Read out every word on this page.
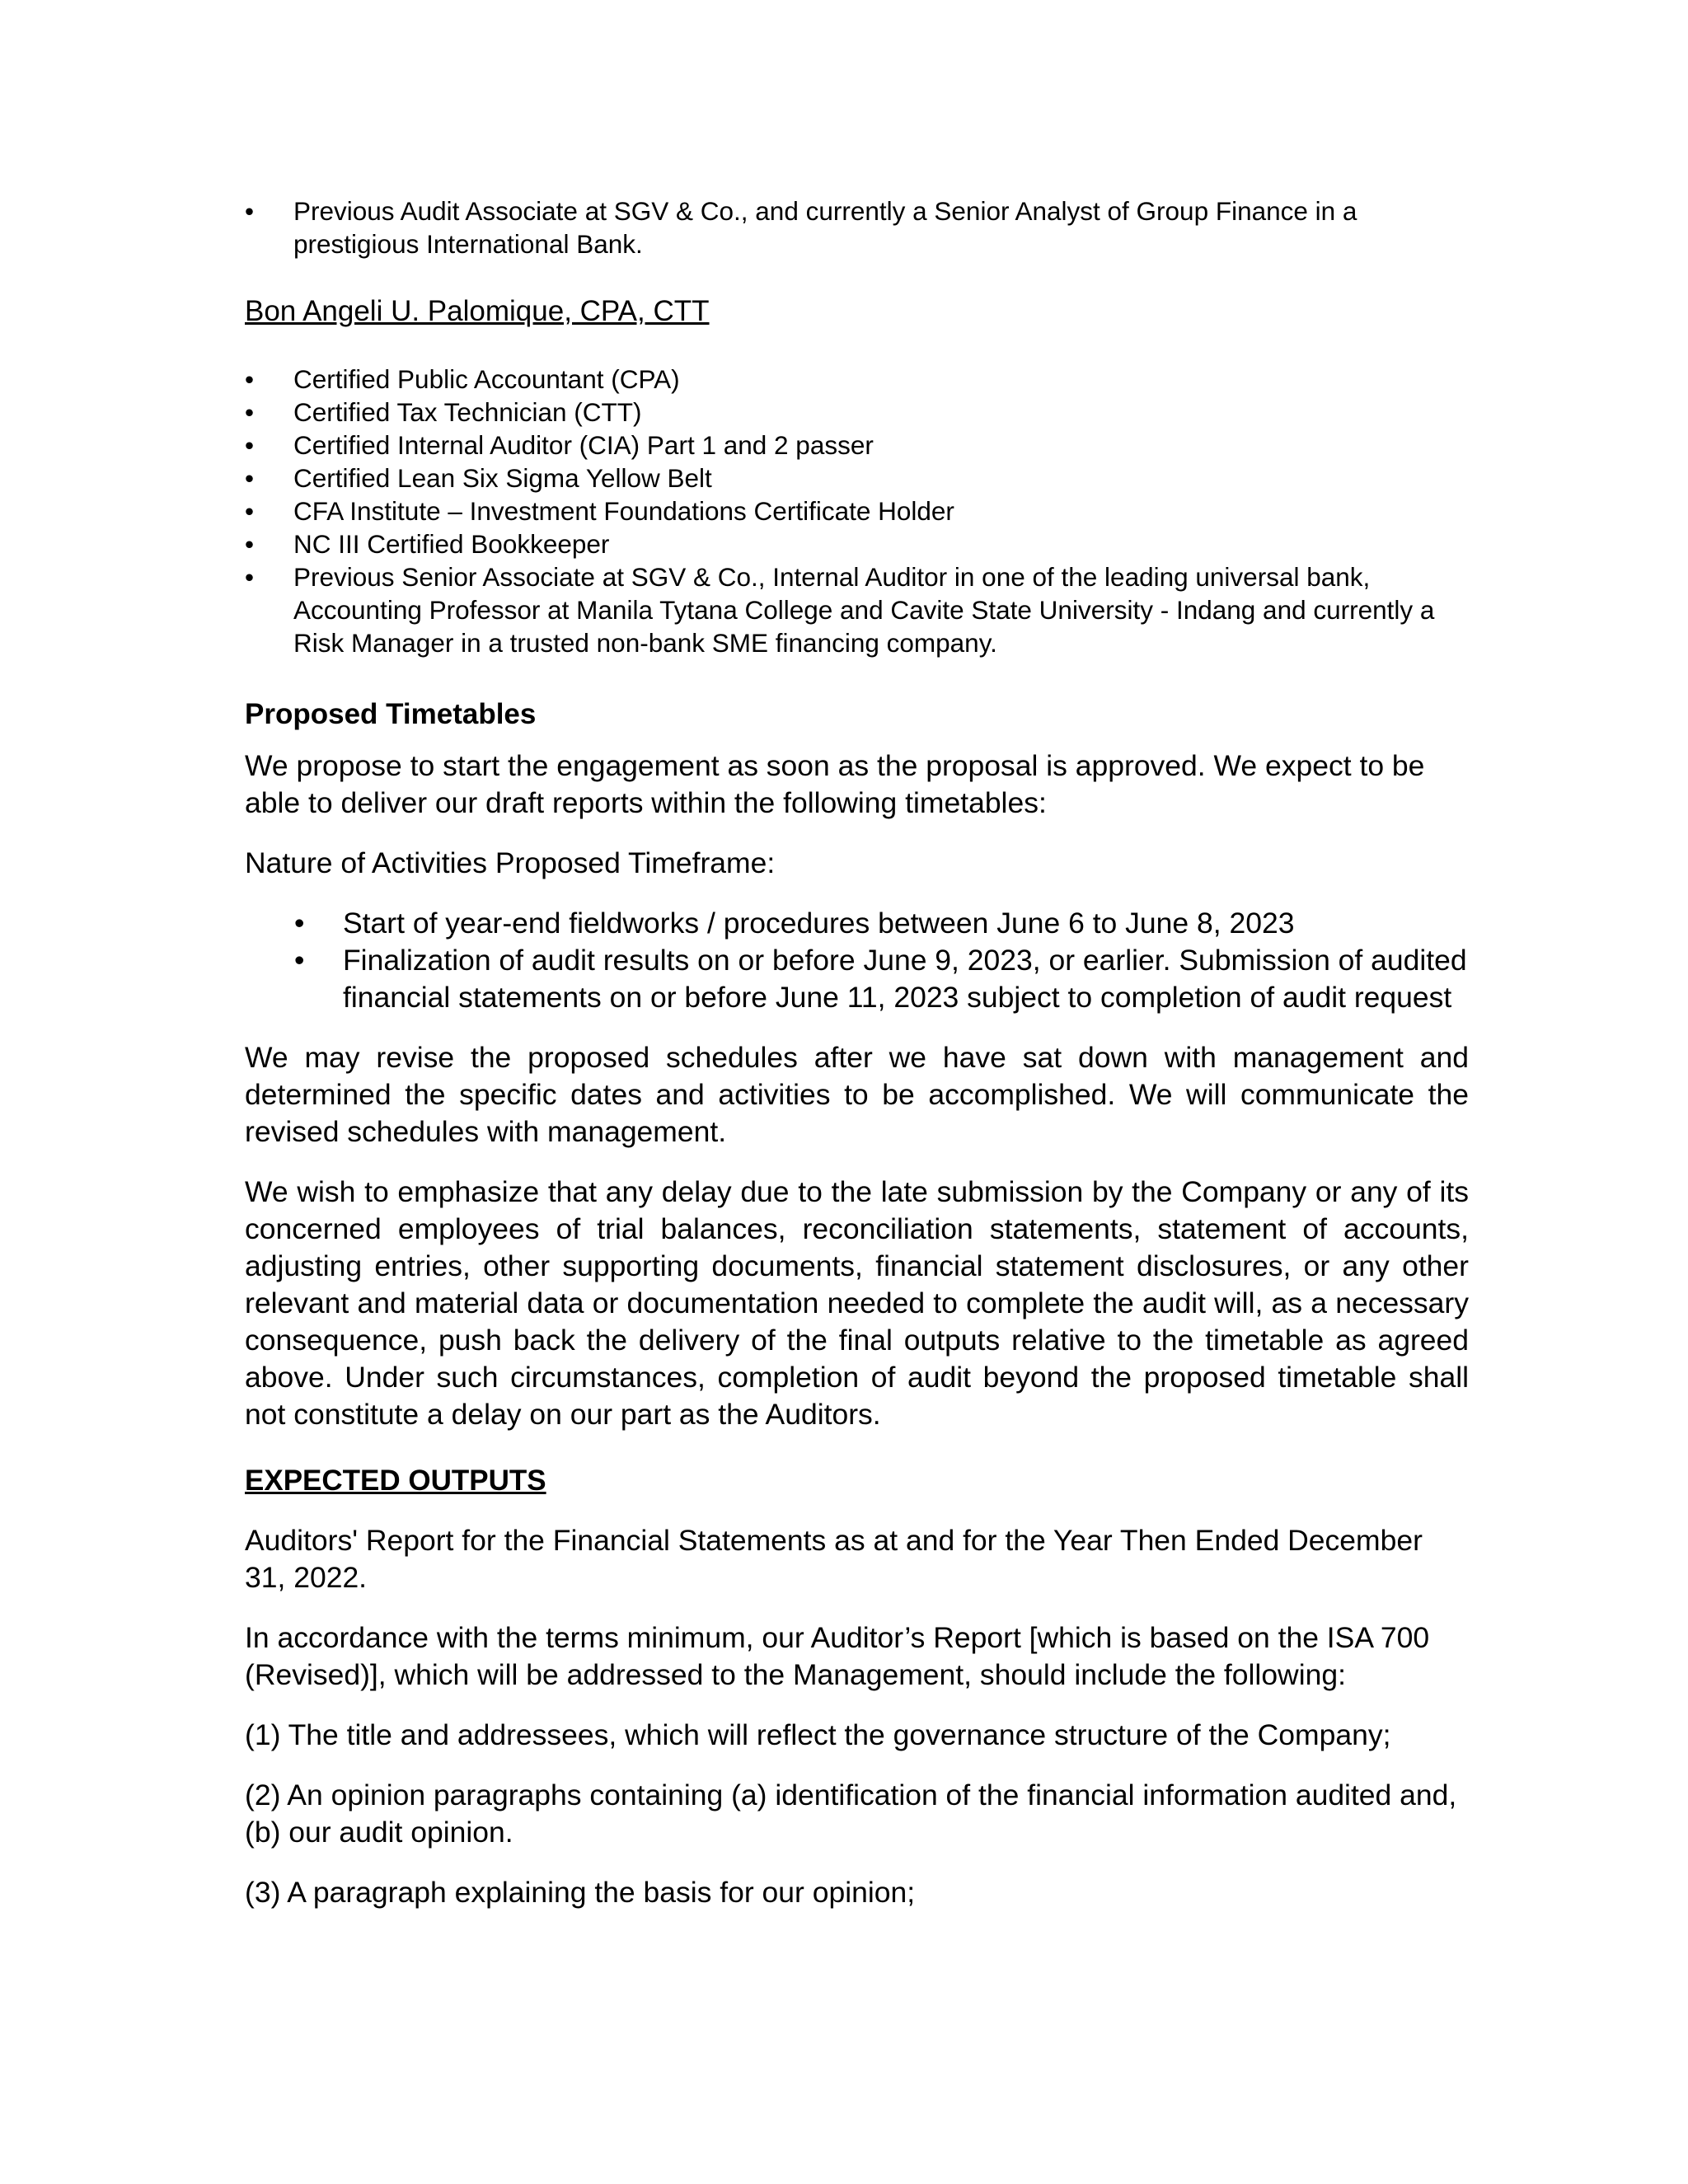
• Previous Audit Associate at SGV & Co., and currently a Senior Analyst of Group Finance in a prestigious International Bank.
Bon Angeli U. Palomique, CPA, CTT
• Certified Public Accountant (CPA)
• Certified Tax Technician (CTT)
• Certified Internal Auditor (CIA) Part 1 and 2 passer
• Certified Lean Six Sigma Yellow Belt
• CFA Institute – Investment Foundations Certificate Holder
• NC III Certified Bookkeeper
• Previous Senior Associate at SGV & Co., Internal Auditor in one of the leading universal bank, Accounting Professor at Manila Tytana College and Cavite State University - Indang and currently a Risk Manager in a trusted non-bank SME financing company.
Proposed Timetables

We propose to start the engagement as soon as the proposal is approved. We expect to be able to deliver our draft reports within the following timetables:

Nature of Activities Proposed Timeframe:

• Start of year-end fieldworks / procedures between June 6 to June 8, 2023
• Finalization of audit results on or before June 9, 2023, or earlier. Submission of audited financial statements on or before June 11, 2023 subject to completion of audit request

We may revise the proposed schedules after we have sat down with management and determined the specific dates and activities to be accomplished. We will communicate the revised schedules with management.

We wish to emphasize that any delay due to the late submission by the Company or any of its concerned employees of trial balances, reconciliation statements, statement of accounts, adjusting entries, other supporting documents, financial statement disclosures, or any other relevant and material data or documentation needed to complete the audit will, as a necessary consequence, push back the delivery of the final outputs relative to the timetable as agreed above. Under such circumstances, completion of audit beyond the proposed timetable shall not constitute a delay on our part as the Auditors.

EXPECTED OUTPUTS

Auditors' Report for the Financial Statements as at and for the Year Then Ended December 31, 2022.

In accordance with the terms minimum, our Auditor’s Report [which is based on the ISA 700 (Revised)], which will be addressed to the Management, should include the following:

(1) The title and addressees, which will reflect the governance structure of the Company;

(2) An opinion paragraphs containing (a) identification of the financial information audited and, (b) our audit opinion.

(3) A paragraph explaining the basis for our opinion;
